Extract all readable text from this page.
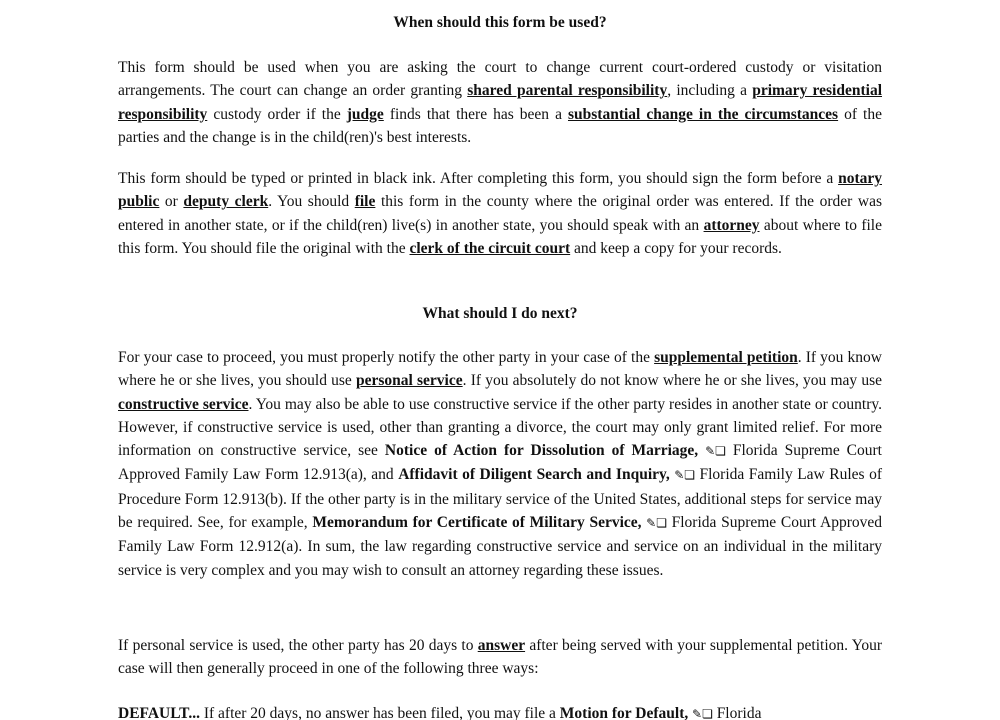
When should this form be used?

This form should be used when you are asking the court to change current court-ordered custody or visitation arrangements. The court can change an order granting shared parental responsibility, including a primary residential responsibility custody order if the judge finds that there has been a substantial change in the circumstances of the parties and the change is in the child(ren)'s best interests.

This form should be typed or printed in black ink. After completing this form, you should sign the form before a notary public or deputy clerk. You should file this form in the county where the original order was entered. If the order was entered in another state, or if the child(ren) live(s) in another state, you should speak with an attorney about where to file this form. You should file the original with the clerk of the circuit court and keep a copy for your records.

What should I do next?

For your case to proceed, you must properly notify the other party in your case of the supplemental petition. If you know where he or she lives, you should use personal service. If you absolutely do not know where he or she lives, you may use constructive service. You may also be able to use constructive service if the other party resides in another state or country. However, if constructive service is used, other than granting a divorce, the court may only grant limited relief. For more information on constructive service, see Notice of Action for Dissolution of Marriage, ✎❏ Florida Supreme Court Approved Family Law Form 12.913(a), and Affidavit of Diligent Search and Inquiry, ✎❏ Florida Family Law Rules of Procedure Form 12.913(b). If the other party is in the military service of the United States, additional steps for service may be required. See, for example, Memorandum for Certificate of Military Service, ✎❏ Florida Supreme Court Approved Family Law Form 12.912(a). In sum, the law regarding constructive service and service on an individual in the military service is very complex and you may wish to consult an attorney regarding these issues.

If personal service is used, the other party has 20 days to answer after being served with your supplemental petition. Your case will then generally proceed in one of the following three ways:

DEFAULT... If after 20 days, no answer has been filed, you may file a Motion for Default, ✎❏ Florida
